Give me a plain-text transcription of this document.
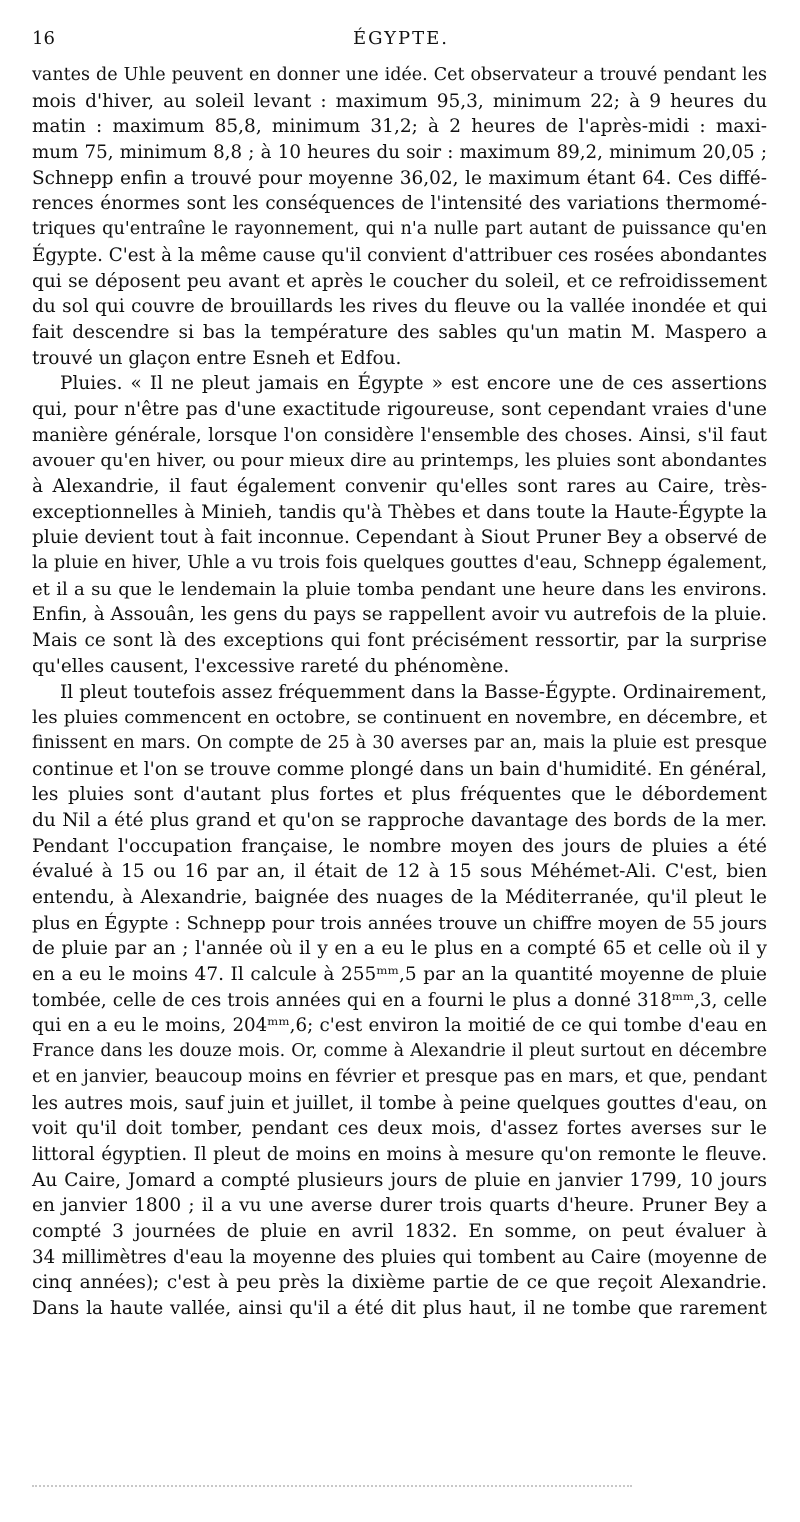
16	ÉGYPTE.
vantes de Uhle peuvent en donner une idée. Cet observateur a trouvé pendant les
mois d'hiver, au soleil levant : maximum 95,3, minimum 22; à 9 heures du
matin : maximum 85,8, minimum 31,2; à 2 heures de l'après-midi : maxi-
mum 75, minimum 8,8 ; à 10 heures du soir : maximum 89,2, minimum 20,05 ;
Schnepp enfin a trouvé pour moyenne 36,02, le maximum étant 64. Ces diffé-
rences énormes sont les conséquences de l'intensité des variations thermomé-
triques qu'entraîne le rayonnement, qui n'a nulle part autant de puissance qu'en
Égypte. C'est à la même cause qu'il convient d'attribuer ces rosées abondantes
qui se déposent peu avant et après le coucher du soleil, et ce refroidissement
du sol qui couvre de brouillards les rives du fleuve ou la vallée inondée et qui
fait descendre si bas la température des sables qu'un matin M. Maspero a
trouvé un glaçon entre Esneh et Edfou.
Pluies. « Il ne pleut jamais en Égypte » est encore une de ces assertions
qui, pour n'être pas d'une exactitude rigoureuse, sont cependant vraies d'une
manière générale, lorsque l'on considère l'ensemble des choses. Ainsi, s'il faut
avouer qu'en hiver, ou pour mieux dire au printemps, les pluies sont abondantes
à Alexandrie, il faut également convenir qu'elles sont rares au Caire, très-
exceptionnelles à Minieh, tandis qu'à Thèbes et dans toute la Haute-Égypte la
pluie devient tout à fait inconnue. Cependant à Siout Pruner Bey a observé de
la pluie en hiver, Uhle a vu trois fois quelques gouttes d'eau, Schnepp également,
et il a su que le lendemain la pluie tomba pendant une heure dans les environs.
Enfin, à Assouân, les gens du pays se rappellent avoir vu autrefois de la pluie.
Mais ce sont là des exceptions qui font précisément ressortir, par la surprise
qu'elles causent, l'excessive rareté du phénomène.
Il pleut toutefois assez fréquemment dans la Basse-Égypte. Ordinairement,
les pluies commencent en octobre, se continuent en novembre, en décembre, et
finissent en mars. On compte de 25 à 30 averses par an, mais la pluie est presque
continue et l'on se trouve comme plongé dans un bain d'humidité. En général,
les pluies sont d'autant plus fortes et plus fréquentes que le débordement
du Nil a été plus grand et qu'on se rapproche davantage des bords de la mer.
Pendant l'occupation française, le nombre moyen des jours de pluies a été
évalué à 15 ou 16 par an, il était de 12 à 15 sous Méhémet-Ali. C'est, bien
entendu, à Alexandrie, baignée des nuages de la Méditerranée, qu'il pleut le
plus en Égypte : Schnepp pour trois années trouve un chiffre moyen de 55 jours
de pluie par an ; l'année où il y en a eu le plus en a compté 65 et celle où il y
en a eu le moins 47. Il calcule à 255ᵐᵐ,5 par an la quantité moyenne de pluie
tombée, celle de ces trois années qui en a fourni le plus a donné 318ᵐᵐ,3, celle
qui en a eu le moins, 204ᵐᵐ,6; c'est environ la moitié de ce qui tombe d'eau en
France dans les douze mois. Or, comme à Alexandrie il pleut surtout en décembre
et en janvier, beaucoup moins en février et presque pas en mars, et que, pendant
les autres mois, sauf juin et juillet, il tombe à peine quelques gouttes d'eau, on
voit qu'il doit tomber, pendant ces deux mois, d'assez fortes averses sur le
littoral égyptien. Il pleut de moins en moins à mesure qu'on remonte le fleuve.
Au Caire, Jomard a compté plusieurs jours de pluie en janvier 1799, 10 jours
en janvier 1800 ; il a vu une averse durer trois quarts d'heure. Pruner Bey a
compté 3 journées de pluie en avril 1832. En somme, on peut évaluer à
34 millimètres d'eau la moyenne des pluies qui tombent au Caire (moyenne de
cinq années); c'est à peu près la dixième partie de ce que reçoit Alexandrie.
Dans la haute vallée, ainsi qu'il a été dit plus haut, il ne tombe que rarement
